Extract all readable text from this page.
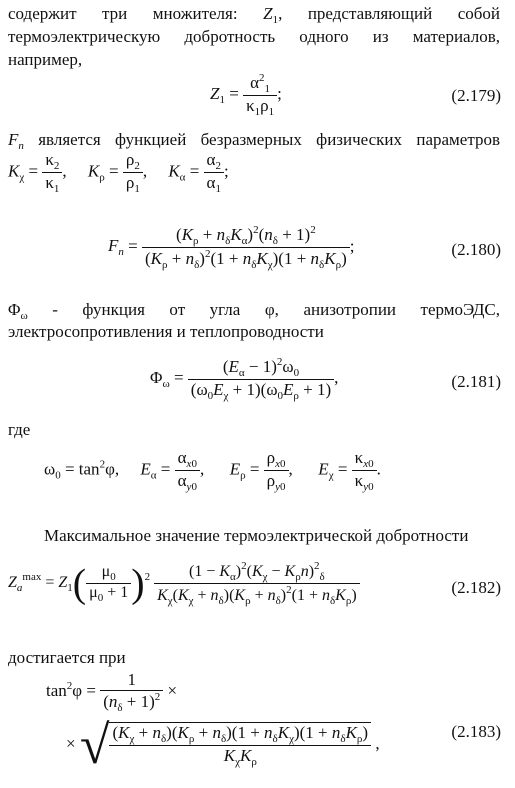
содержит три множителя: $Z_1$, представляющий собой
термоэлектрическую добротность одного из материалов,
например,
$Z_1 = \frac{\alpha^2_1}{\kappa_1\rho_1}$ ;	(2.179)
$F_n$ является функцией безразмерных физических параметров
$K_\chi = \frac{\kappa_2}{\kappa_1}$ ,     $K_\rho = \frac{\rho_2}{\rho_1}$ ,     $K_\alpha = \frac{\alpha_2}{\alpha_1}$ ;
$F_n = \frac{(K_\rho + n_\delta K_\alpha)^2(n_\delta + 1)^2}{(K_\rho + n_\delta)^2(1 + n_\delta K_\chi)(1 + n_\delta K_\rho)}$ ;	(2.180)
$\Phi_\omega$ - функция от угла φ, анизотропии термоЭДС,
электросопротивления и теплопроводности
$\Phi_\omega = \frac{(E_\alpha - 1)^2\omega_0}{(\omega_0E_\chi + 1)(\omega_0E_\rho + 1)}$ ,	(2.181)
где
$\omega_0 = \tan^2\varphi$,     $E_\alpha = \frac{\alpha_{x0}}{\alpha_{y0}}$ ,      $E_\rho = \frac{\rho_{x0}}{\rho_{y0}}$ ,      $E_\chi = \frac{\kappa_{x0}}{\kappa_{y0}}$ .
Максимальное значение термоэлектрической добротности
$Z_a^{max} = Z_1( \frac{\mu_0}{\mu_0 + 1} )^2 \frac{(1 - K_\alpha)^2(K_\chi - K_\rho n)^2_\delta}{K_\chi(K_\chi + n_\delta)(K_\rho + n_\delta)^2(1 + n_\delta K_\rho)}$	(2.182)
достигается при
$\tan^2\varphi = \frac{1}{(n_\delta + 1)^2}$ ×
× √ $\frac{(K_\chi + n_\delta)(K_\rho + n_\delta)(1 + n_\delta K_\chi)(1 + n_\delta K_\rho)}{K_\chi K_\rho}$ ,
(2.183)
